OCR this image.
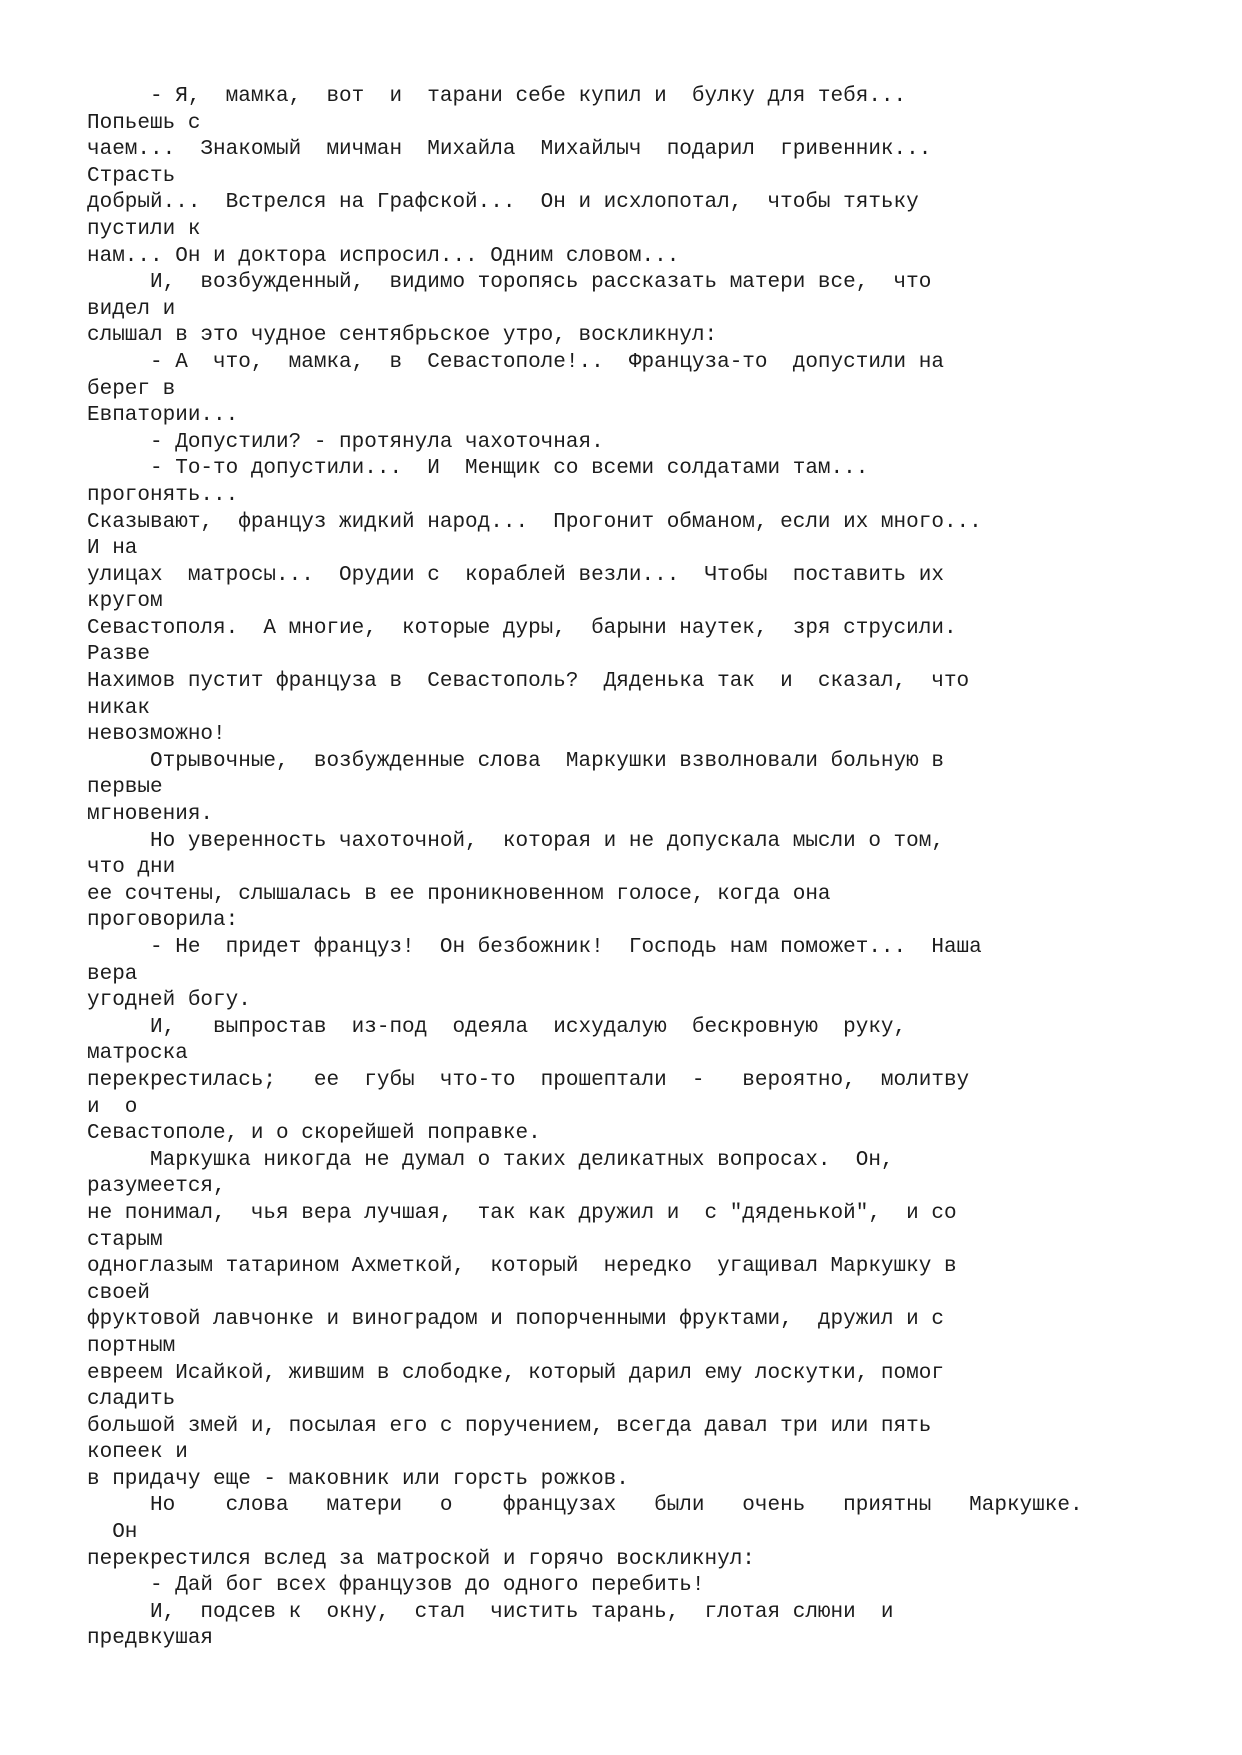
- Я,  мамка,  вот  и  тарани себе купил и  булку для тебя...
Попьешь с
чаем...  Знакомый  мичман  Михайла  Михайлыч  подарил  гривенник...
Страсть
добрый...  Встрелся на Графской...  Он и исхлопотал,  чтобы тятьку
пустили к
нам... Он и доктора испросил... Одним словом...
И,  возбужденный,  видимо торопясь рассказать матери все,  что
видел и
слышал в это чудное сентябрьское утро, воскликнул:
- А  что,  мамка,  в  Севастополе!..  Француза-то  допустили на
берег в
Евпатории...
- Допустили? - протянула чахоточная.
- То-то допустили...  И  Менщик со всеми солдатами там...
прогонять...
Сказывают,  француз жидкий народ...  Прогонит обманом, если их много...
И на
улицах  матросы...  Орудии с  кораблей везли...  Чтобы  поставить их
кругом
Севастополя.  А многие,  которые дуры,  барыни наутек,  зря струсили.
Разве
Нахимов пустит француза в  Севастополь?  Дяденька так  и  сказал,  что
никак
невозможно!
Отрывочные,  возбужденные слова  Маркушки взволновали больную в
первые
мгновения.
Но уверенность чахоточной,  которая и не допускала мысли о том,
что дни
ее сочтены, слышалась в ее проникновенном голосе, когда она
проговорила:
- Не  придет француз!  Он безбожник!  Господь нам поможет...  Наша
вера
угодней богу.
И,   выпростав  из-под  одеяла  исхудалую  бескровную  руку,
матроска
перекрестилась;   ее  губы  что-то  прошептали  -   вероятно,  молитву
и  о
Севастополе, и о скорейшей поправке.
Маркушка никогда не думал о таких деликатных вопросах.  Он,
разумеется,
не понимал,  чья вера лучшая,  так как дружил и  с "дяденькой",  и со
старым
одноглазым татарином Ахметкой,  который  нередко  угащивал Маркушку в
своей
фруктовой лавчонке и виноградом и попорченными фруктами,  дружил и с
портным
евреем Исайкой, жившим в слободке, который дарил ему лоскутки, помог
сладить
большой змей и, посылая его с поручением, всегда давал три или пять
копеек и
в придачу еще - маковник или горсть рожков.
Но    слова   матери   о    французах   были   очень   приятны   Маркушке.
Он
перекрестился вслед за матроской и горячо воскликнул:
- Дай бог всех французов до одного перебить!
И,  подсев к  окну,  стал  чистить тарань,  глотая слюни  и
предвкушая
